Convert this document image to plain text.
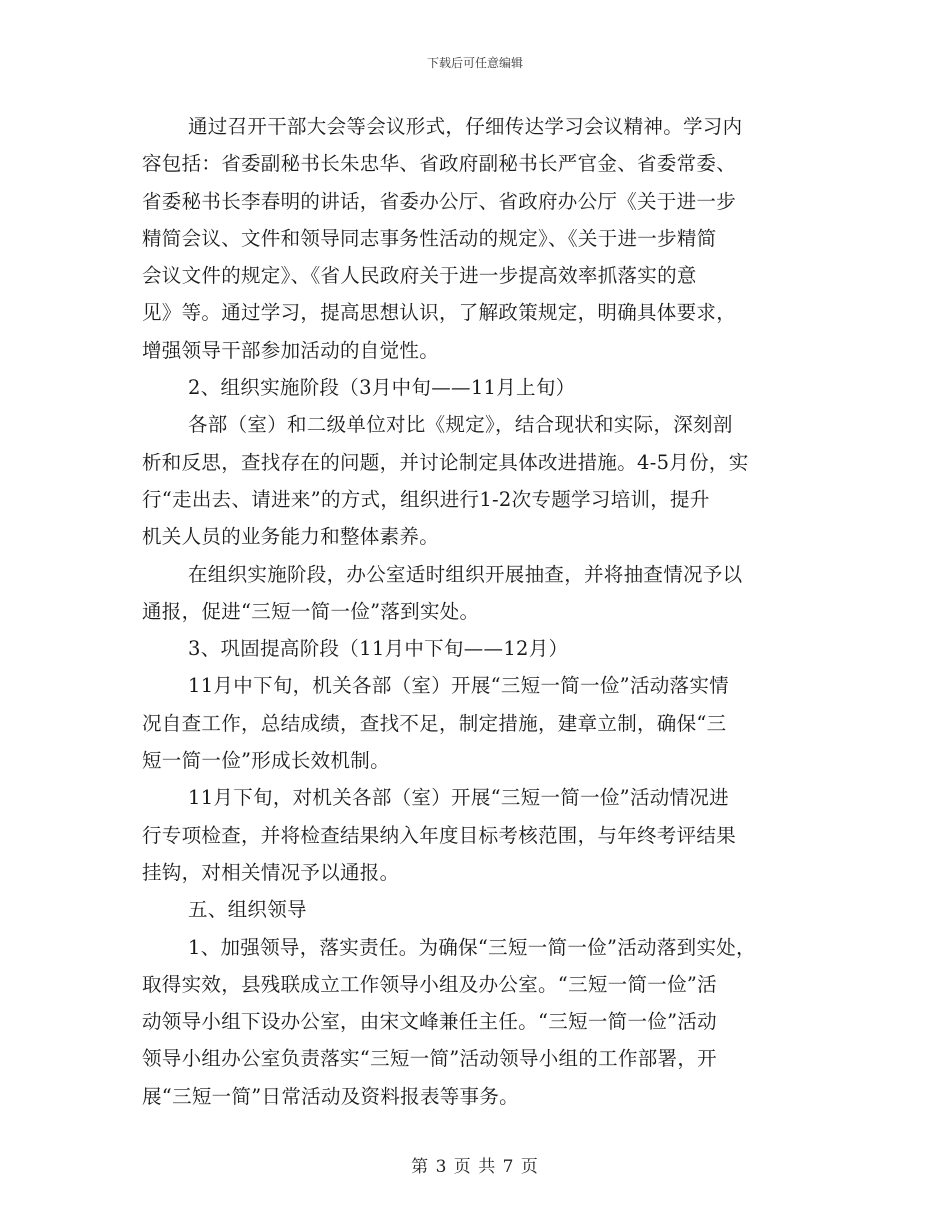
下载后可任意编辑
通过召开干部大会等会议形式，仔细传达学习会议精神。学习内
容包括：省委副秘书长朱忠华、省政府副秘书长严官金、省委常委、
省委秘书长李春明的讲话，省委办公厅、省政府办公厅《关于进一步
精简会议、文件和领导同志事务性活动的规定》、《关于进一步精简
会议文件的规定》、《省人民政府关于进一步提高效率抓落实的意
见》等。通过学习，提高思想认识，了解政策规定，明确具体要求，
增强领导干部参加活动的自觉性。
2、组织实施阶段（3月中旬——11月上旬）
各部（室）和二级单位对比《规定》，结合现状和实际，深刻剖
析和反思，查找存在的问题，并讨论制定具体改进措施。4-5月份，实
行“走出去、请进来”的方式，组织进行1-2次专题学习培训，提升
机关人员的业务能力和整体素养。
在组织实施阶段，办公室适时组织开展抽查，并将抽查情况予以
通报，促进“三短一简一俭”落到实处。
3、巩固提高阶段（11月中下旬——12月）
11月中下旬，机关各部（室）开展“三短一简一俭”活动落实情
况自查工作，总结成绩，查找不足，制定措施，建章立制，确保“三
短一简一俭”形成长效机制。
11月下旬，对机关各部（室）开展“三短一简一俭”活动情况进
行专项检查，并将检查结果纳入年度目标考核范围，与年终考评结果
挂钩，对相关情况予以通报。
五、组织领导
1、加强领导，落实责任。为确保“三短一简一俭”活动落到实处，
取得实效，县残联成立工作领导小组及办公室。“三短一简一俭”活
动领导小组下设办公室，由宋文峰兼任主任。“三短一简一俭”活动
领导小组办公室负责落实“三短一简”活动领导小组的工作部署，开
展“三短一简”日常活动及资料报表等事务。
第 3 页 共 7 页
